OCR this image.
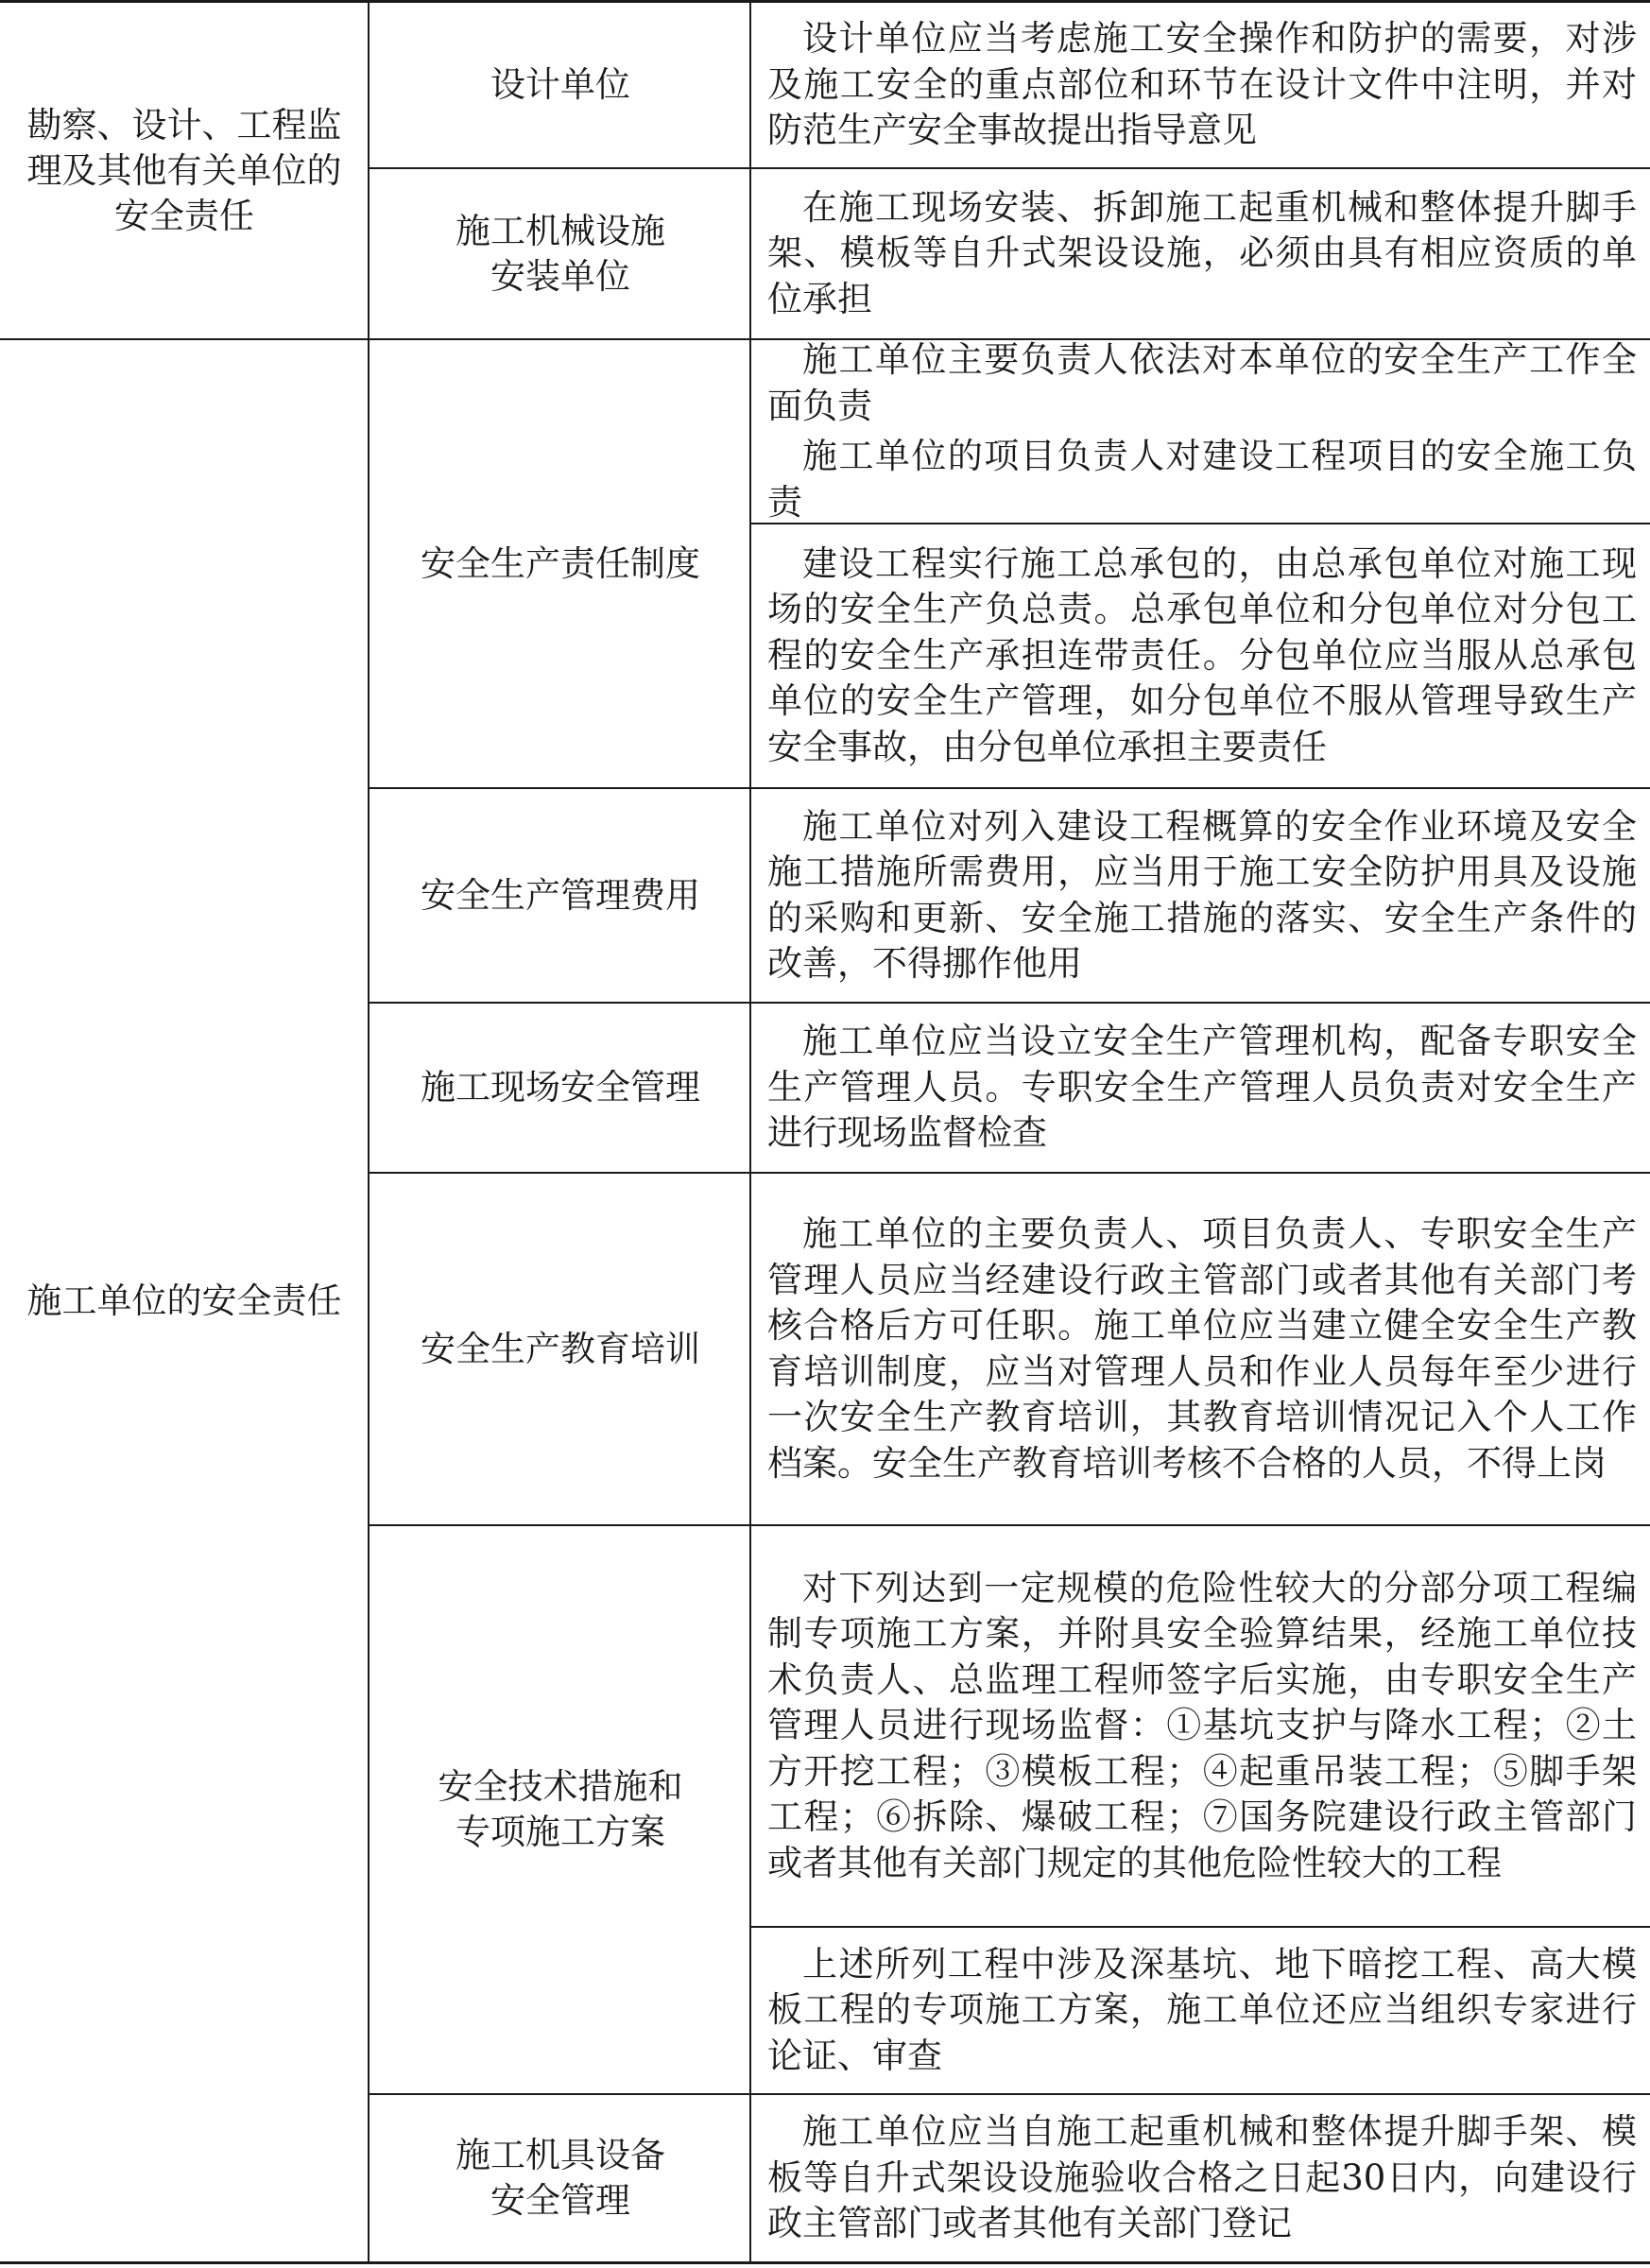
勘察、设计、工程监理及其他有关单位的安全责任
设计单位

设计单位应当考虑施工安全操作和防护的需要，对涉及施工安全的重点部位和环节在设计文件中注明，并对防范生产安全事故提出指导意见

施工机械设施安装单位

在施工现场安装、拆卸施工起重机械和整体提升脚手架、模板等自升式架设设施，必须由具有相应资质的单位承担

施工单位的安全责任
安全生产责任制度

施工单位主要负责人依法对本单位的安全生产工作全面负责

施工单位的项目负责人对建设工程项目的安全施工负责

建设工程实行施工总承包的，由总承包单位对施工现场的安全生产负总责。总承包单位和分包单位对分包工程的安全生产承担连带责任。分包单位应当服从总承包单位的安全生产管理，如分包单位不服从管理导致生产安全事故，由分包单位承担主要责任

安全生产管理费用

施工单位对列入建设工程概算的安全作业环境及安全施工措施所需费用，应当用于施工安全防护用具及设施的采购和更新、安全施工措施的落实、安全生产条件的改善，不得挪作他用

施工现场安全管理

施工单位应当设立安全生产管理机构，配备专职安全生产管理人员。专职安全生产管理人员负责对安全生产进行现场监督检查

安全生产教育培训

施工单位的主要负责人、项目负责人、专职安全生产管理人员应当经建设行政主管部门或者其他有关部门考核合格后方可任职。施工单位应当建立健全安全生产教育培训制度，应当对管理人员和作业人员每年至少进行一次安全生产教育培训，其教育培训情况记入个人工作档案。安全生产教育培训考核不合格的人员，不得上岗

安全技术措施和专项施工方案

对下列达到一定规模的危险性较大的分部分项工程编制专项施工方案，并附具安全验算结果，经施工单位技术负责人、总监理工程师签字后实施，由专职安全生产管理人员进行现场监督：①基坑支护与降水工程；②土方开挖工程；③模板工程；④起重吊装工程；⑤脚手架工程；⑥拆除、爆破工程；⑦国务院建设行政主管部门或者其他有关部门规定的其他危险性较大的工程

上述所列工程中涉及深基坑、地下暗挖工程、高大模板工程的专项施工方案，施工单位还应当组织专家进行论证、审查

施工机具设备安全管理

施工单位应当自施工起重机械和整体提升脚手架、模板等自升式架设设施验收合格之日起30日内，向建设行政主管部门或者其他有关部门登记
